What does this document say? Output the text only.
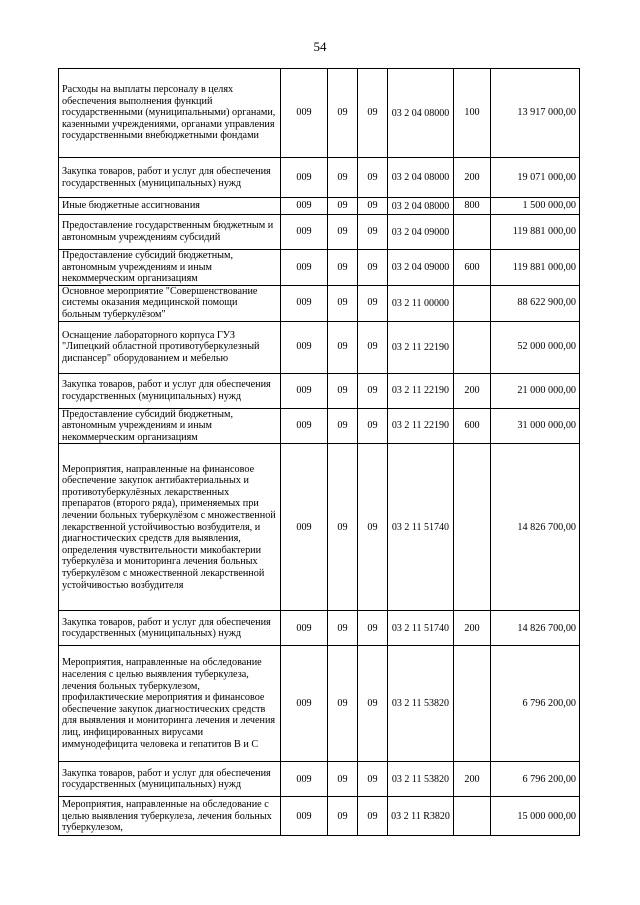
54
Расходы на выплаты персоналу в целях обеспечения выполнения функций государственными (муниципальными) органами, казенными учреждениями, органами управления государственными внебюджетными фондами	009	09	09	03 2 04 08000	100	13 917 000,00
Закупка товаров, работ и услуг для обеспечения государственных (муниципальных) нужд	009	09	09	03 2 04 08000	200	19 071 000,00
Иные бюджетные ассигнования	009	09	09	03 2 04 08000	800	1 500 000,00
Предоставление государственным бюджетным и автономным учреждениям субсидий	009	09	09	03 2 04 09000		119 881 000,00
Предоставление субсидий бюджетным, автономным учреждениям и иным некоммерческим организациям	009	09	09	03 2 04 09000	600	119 881 000,00
Основное мероприятие "Совершенствование системы оказания медицинской помощи больным туберкулёзом"	009	09	09	03 2 11 00000		88 622 900,00
Оснащение лабораторного корпуса ГУЗ "Липецкий областной противотуберкулезный диспансер" оборудованием и мебелью	009	09	09	03 2 11 22190		52 000 000,00
Закупка товаров, работ и услуг для обеспечения государственных (муниципальных) нужд	009	09	09	03 2 11 22190	200	21 000 000,00
Предоставление субсидий бюджетным, автономным учреждениям и иным некоммерческим организациям	009	09	09	03 2 11 22190	600	31 000 000,00
Мероприятия, направленные на финансовое обеспечение закупок антибактериальных и противотуберкулёзных лекарственных препаратов (второго ряда), применяемых при лечении больных туберкулёзом с множественной лекарственной устойчивостью возбудителя, и диагностических средств для выявления, определения чувствительности микобактерии туберкулёза и мониторинга лечения больных туберкулёзом с множественной лекарственной устойчивостью возбудителя	009	09	09	03 2 11 51740		14 826 700,00
Закупка товаров, работ и услуг для обеспечения государственных (муниципальных) нужд	009	09	09	03 2 11 51740	200	14 826 700,00
Мероприятия, направленные на обследование населения с целью выявления туберкулеза, лечения больных туберкулезом, профилактические мероприятия и финансовое обеспечение закупок диагностических средств для выявления и мониторинга лечения и лечения лиц, инфицированных вирусами иммунодефицита человека и гепатитов В и С	009	09	09	03 2 11 53820		6 796 200,00
Закупка товаров, работ и услуг для обеспечения государственных (муниципальных) нужд	009	09	09	03 2 11 53820	200	6 796 200,00
Мероприятия, направленные на обследование с целью выявления туберкулеза, лечения больных туберкулезом,	009	09	09	03 2 11 R3820		15 000 000,00
